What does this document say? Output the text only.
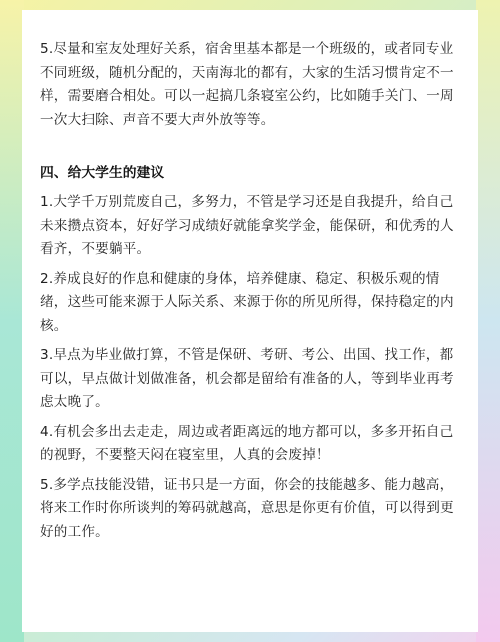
5.尽量和室友处理好关系，宿舍里基本都是一个班级的，或者同专业不同班级，随机分配的，天南海北的都有，大家的生活习惯肯定不一样，需要磨合相处。可以一起搞几条寝室公约，比如随手关门、一周一次大扫除、声音不要大声外放等等。

四、给大学生的建议

1.大学千万别荒废自己，多努力，不管是学习还是自我提升，给自己未来攒点资本，好好学习成绩好就能拿奖学金，能保研，和优秀的人看齐，不要躺平。

2.养成良好的作息和健康的身体，培养健康、稳定、积极乐观的情绪，这些可能来源于人际关系、来源于你的所见所得，保持稳定的内核。

3.早点为毕业做打算，不管是保研、考研、考公、出国、找工作，都可以，早点做计划做准备，机会都是留给有准备的人，等到毕业再考虑太晚了。

4.有机会多出去走走，周边或者距离远的地方都可以，多多开拓自己的视野，不要整天闷在寝室里，人真的会废掉！

5.多学点技能没错，证书只是一方面，你会的技能越多、能力越高，将来工作时你所谈判的筹码就越高，意思是你更有价值，可以得到更好的工作。
